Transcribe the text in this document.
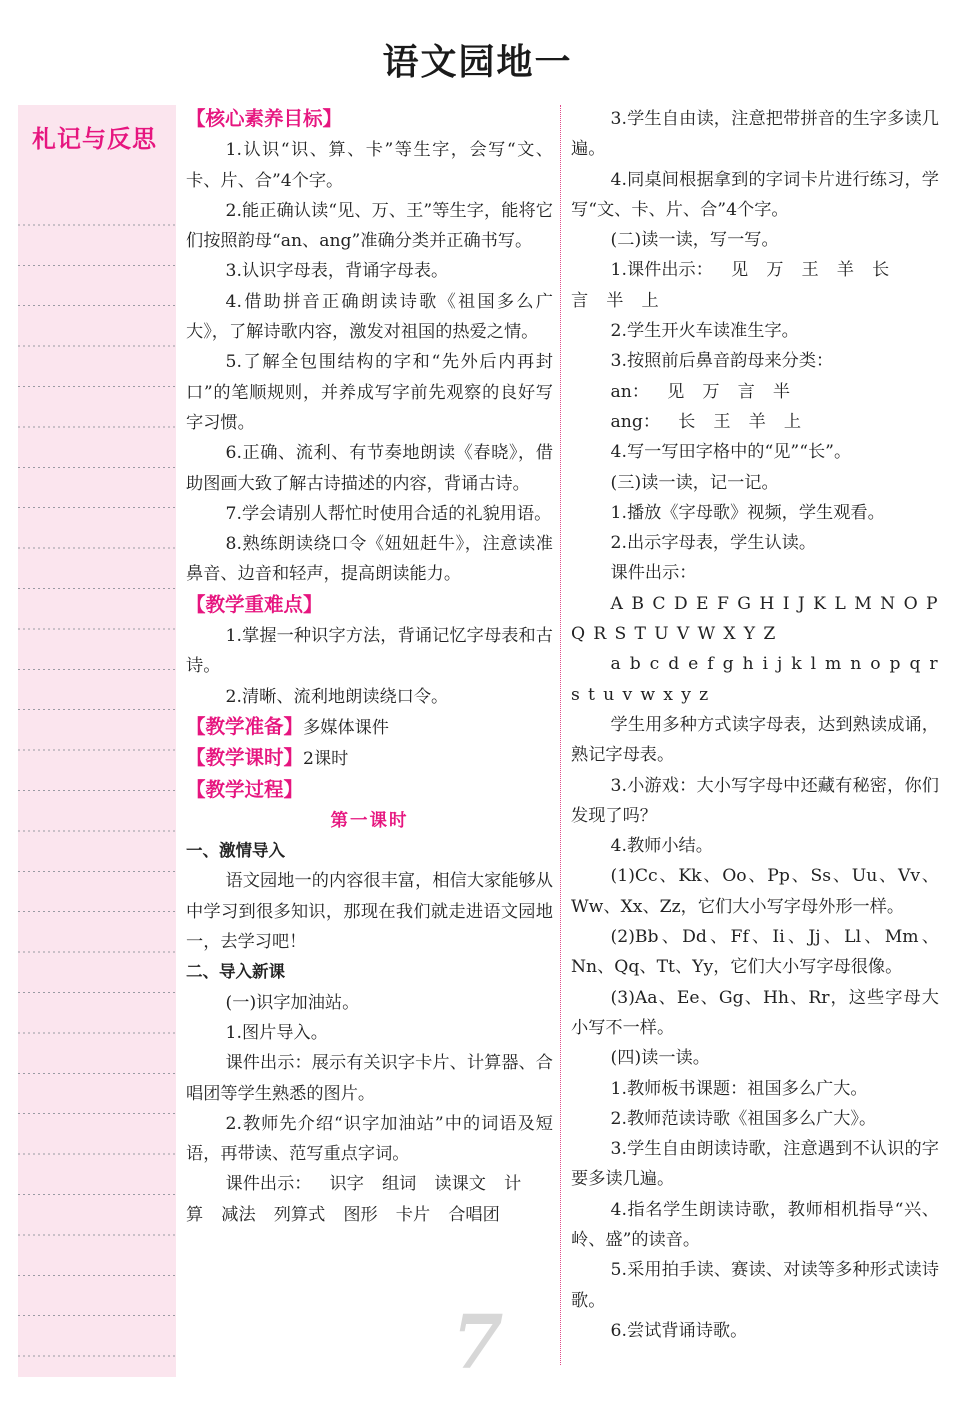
语文园地一
札记与反思
7

【核心素养目标】

1.认识“识、算、卡”等生字，会写“文、卡、片、合”4个字。

2.能正确认读“见、万、王”等生字，能将它们按照韵母“an、ang”准确分类并正确书写。

3.认识字母表，背诵字母表。

4.借助拼音正确朗读诗歌《祖国多么广大》，了解诗歌内容，激发对祖国的热爱之情。

5.了解全包围结构的字和“先外后内再封口”的笔顺规则，并养成写字前先观察的良好写字习惯。

6.正确、流利、有节奏地朗读《春晓》，借助图画大致了解古诗描述的内容，背诵古诗。

7.学会请别人帮忙时使用合适的礼貌用语。

8.熟练朗读绕口令《妞妞赶牛》，注意读准鼻音、边音和轻声，提高朗读能力。

【教学重难点】

1.掌握一种识字方法，背诵记忆字母表和古诗。

2.清晰、流利地朗读绕口令。

【教学准备】多媒体课件

【教学课时】2课时

【教学过程】

第一课时

一、激情导入

语文园地一的内容很丰富，相信大家能够从中学习到很多知识，那现在我们就走进语文园地一，去学习吧！

二、导入新课

(一)识字加油站。

1.图片导入。

课件出示：展示有关识字卡片、计算器、合唱团等学生熟悉的图片。

2.教师先介绍“识字加油站”中的词语及短语，再带读、范写重点字词。

课件出示： 识字 组词 读课文 计算 减法 列算式 图形 卡片 合唱团

3.学生自由读，注意把带拼音的生字多读几遍。

4.同桌间根据拿到的字词卡片进行练习，学写“文、卡、片、合”4个字。

(二)读一读，写一写。

1.课件出示： 见 万 王 羊 长言 半 上

2.学生开火车读准生字。

3.按照前后鼻音韵母来分类：

an： 见 万 言 半

ang： 长 王 羊 上

4.写一写田字格中的“见”“长”。

(三)读一读，记一记。

1.播放《字母歌》视频，学生观看。

2.出示字母表，学生认读。

课件出示：

A B C D E F G H I J K L M N O P Q R S T U V W X Y Z

a b c d e f g h i j k l m n o p q r s t u v w x y z

学生用多种方式读字母表，达到熟读成诵，熟记字母表。

3.小游戏：大小写字母中还藏有秘密，你们发现了吗？

4.教师小结。

(1)Cc、Kk、Oo、Pp、Ss、Uu、Vv、Ww、Xx、Zz，它们大小写字母外形一样。

(2)Bb、Dd、Ff、Ii、Jj、Ll、Mm、Nn、Qq、Tt、Yy，它们大小写字母很像。

(3)Aa、Ee、Gg、Hh、Rr，这些字母大小写不一样。

(四)读一读。

1.教师板书课题：祖国多么广大。

2.教师范读诗歌《祖国多么广大》。

3.学生自由朗读诗歌，注意遇到不认识的字要多读几遍。

4.指名学生朗读诗歌，教师相机指导“兴、岭、盛”的读音。

5.采用拍手读、赛读、对读等多种形式读诗歌。

6.尝试背诵诗歌。
